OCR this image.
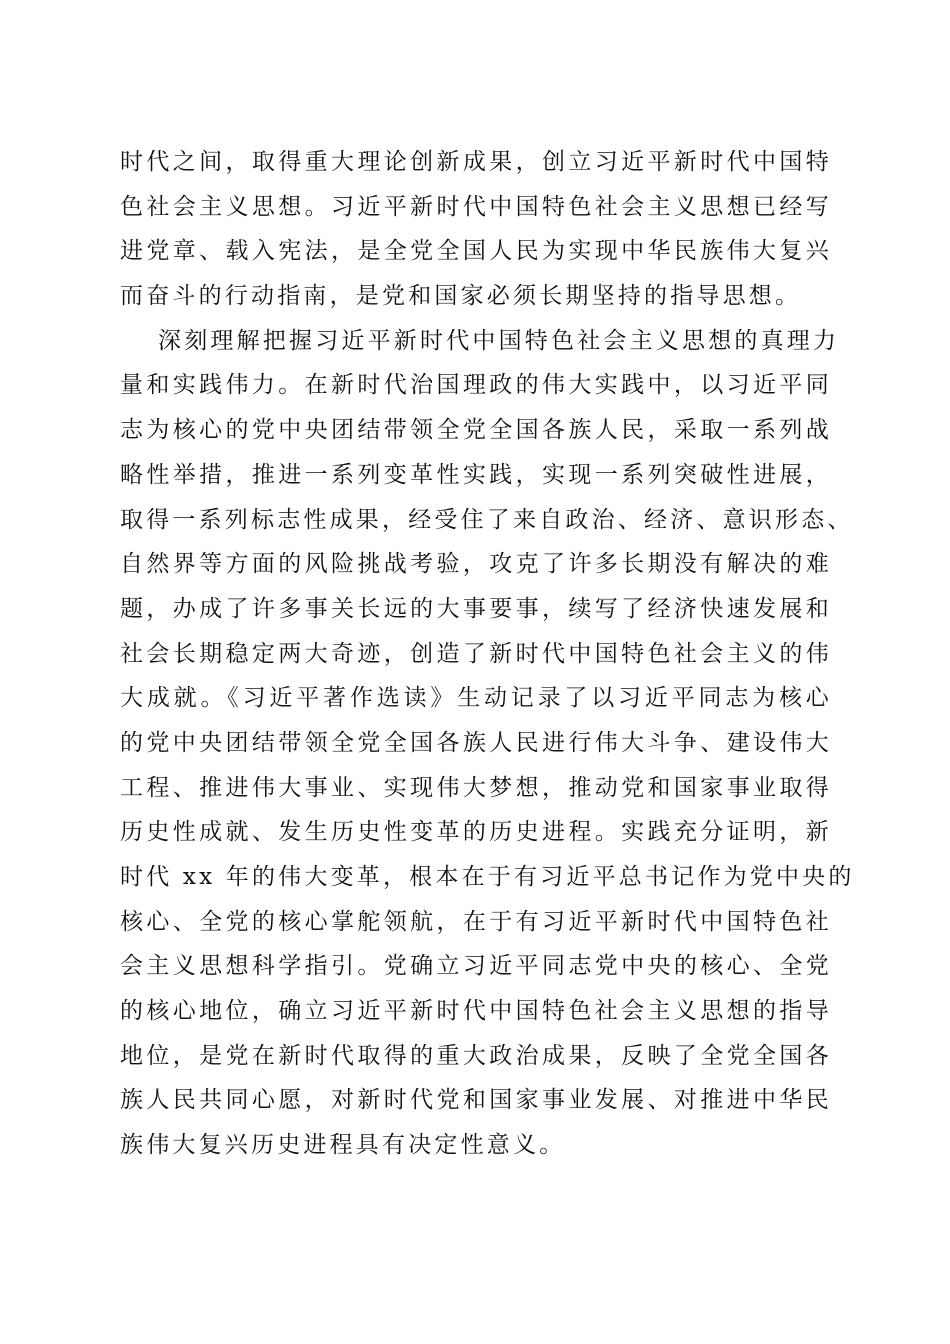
时代之间，取得重大理论创新成果，创立习近平新时代中国特
色社会主义思想。习近平新时代中国特色社会主义思想已经写
进党章、载入宪法，是全党全国人民为实现中华民族伟大复兴
而奋斗的行动指南，是党和国家必须长期坚持的指导思想。
深刻理解把握习近平新时代中国特色社会主义思想的真理力
量和实践伟力。在新时代治国理政的伟大实践中，以习近平同
志为核心的党中央团结带领全党全国各族人民，采取一系列战
略性举措，推进一系列变革性实践，实现一系列突破性进展，
取得一系列标志性成果，经受住了来自政治、经济、意识形态、
自然界等方面的风险挑战考验，攻克了许多长期没有解决的难
题，办成了许多事关长远的大事要事，续写了经济快速发展和
社会长期稳定两大奇迹，创造了新时代中国特色社会主义的伟
大成就。《习近平著作选读》生动记录了以习近平同志为核心
的党中央团结带领全党全国各族人民进行伟大斗争、建设伟大
工程、推进伟大事业、实现伟大梦想，推动党和国家事业取得
历史性成就、发生历史性变革的历史进程。实践充分证明，新
时代 xx 年的伟大变革，根本在于有习近平总书记作为党中央的
核心、全党的核心掌舵领航，在于有习近平新时代中国特色社
会主义思想科学指引。党确立习近平同志党中央的核心、全党
的核心地位，确立习近平新时代中国特色社会主义思想的指导
地位，是党在新时代取得的重大政治成果，反映了全党全国各
族人民共同心愿，对新时代党和国家事业发展、对推进中华民
族伟大复兴历史进程具有决定性意义。
